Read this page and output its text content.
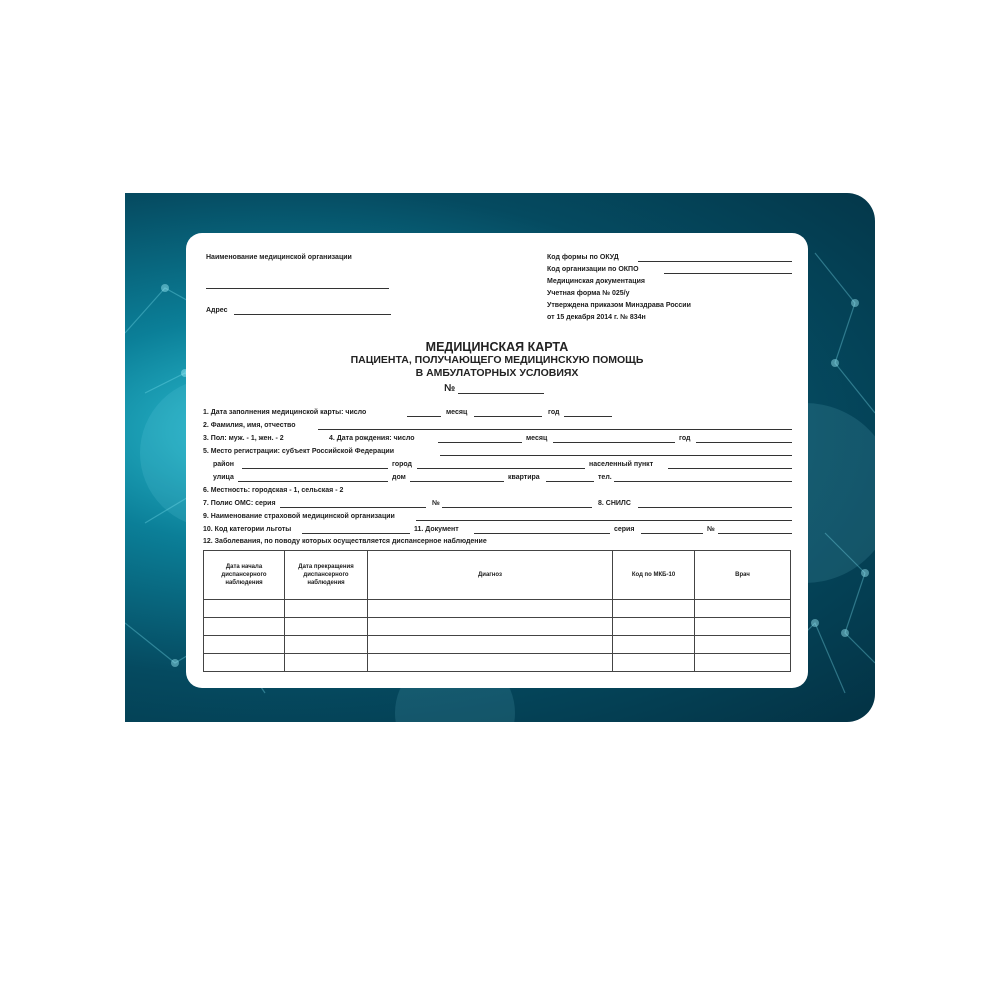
Наименование медицинской организации
Адрес
Код формы по ОКУД
Код организации по ОКПО
Медицинская документация
Учетная форма № 025/у
Утверждена приказом Минздрава России
от 15 декабря 2014 г. № 834н
МЕДИЦИНСКАЯ КАРТА
ПАЦИЕНТА, ПОЛУЧАЮЩЕГО МЕДИЦИНСКУЮ ПОМОЩЬ
В АМБУЛАТОРНЫХ УСЛОВИЯХ
№
1. Дата заполнения медицинской карты: число	месяц	год
2. Фамилия, имя, отчество
3. Пол: муж. - 1, жен. - 2	4. Дата рождения: число	месяц	год
5. Место регистрации: субъект Российской Федерации
район	город	населенный пункт
улица	дом	квартира	тел.
6. Местность: городская - 1, сельская - 2
7. Полис ОМС: серия	№	8. СНИЛС
9. Наименование страховой медицинской организации
10. Код категории льготы	11. Документ	серия	№
12. Заболевания, по поводу которых осуществляется диспансерное наблюдение
Дата начала диспансерного наблюдения	Дата прекращения диспансерного наблюдения	Диагноз	Код по МКБ-10	Врач
